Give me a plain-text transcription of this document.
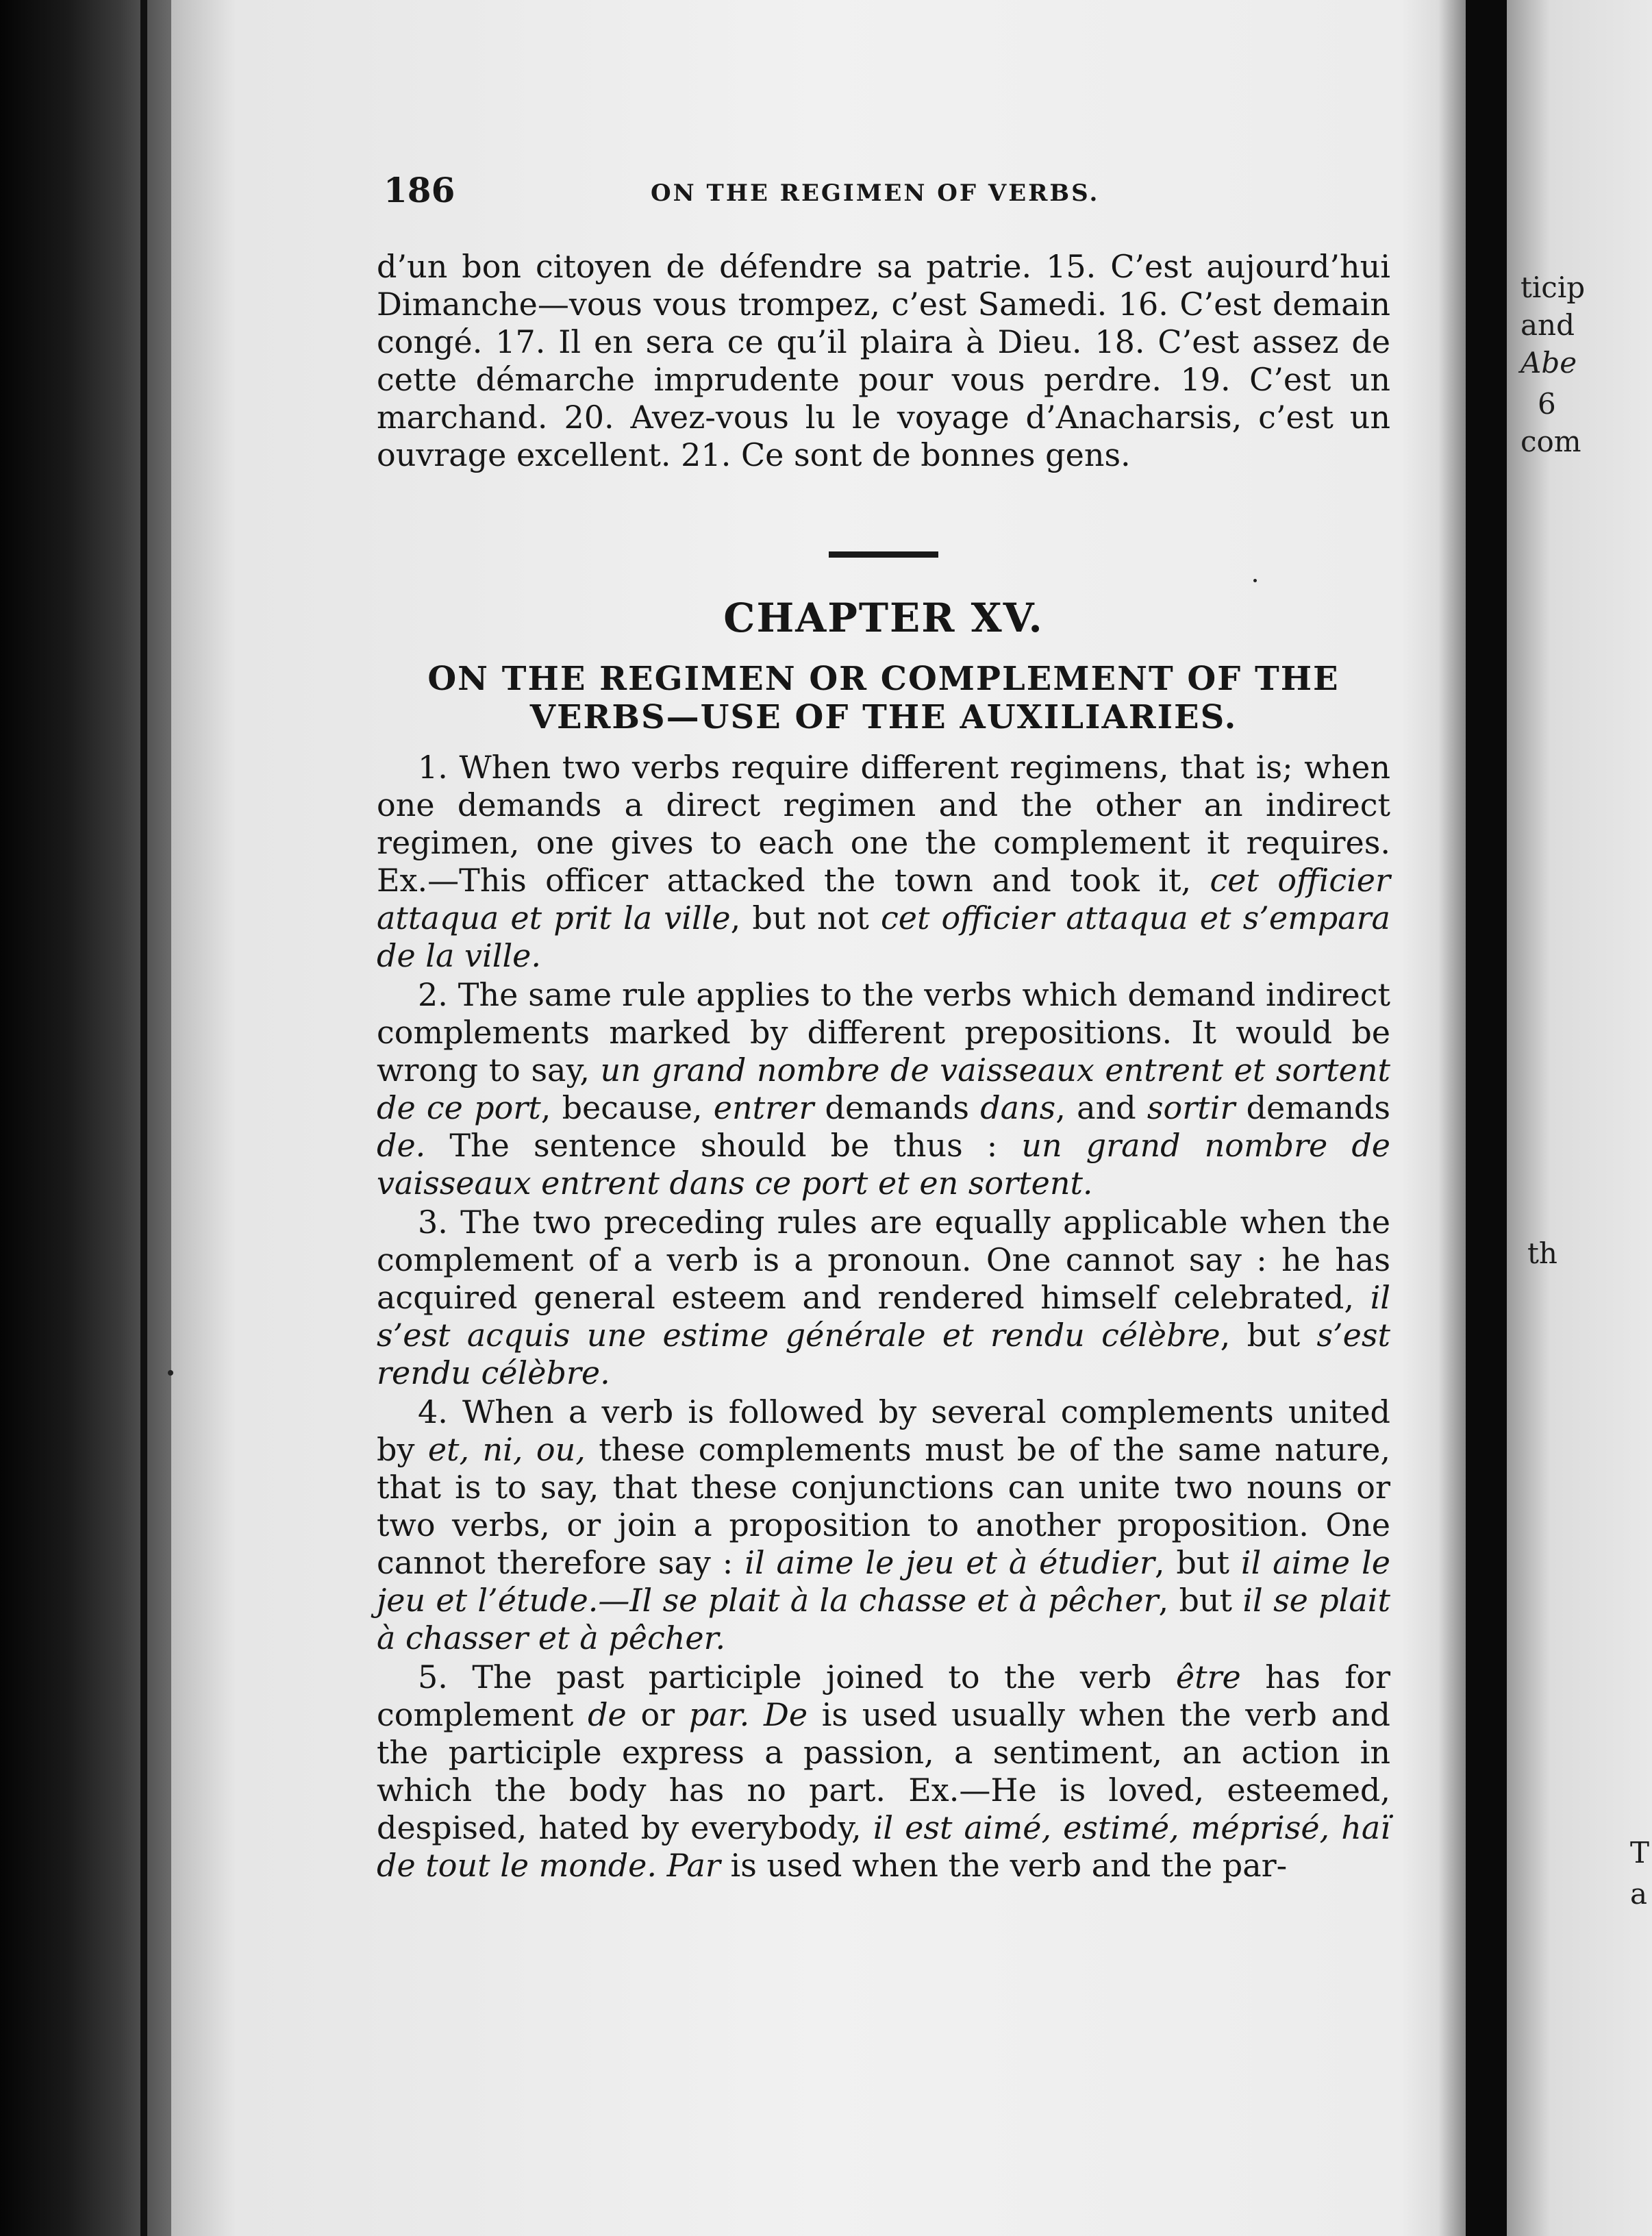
ticip
and
Abe
6
com
th
T
a
186	ON THE REGIMEN OF VERBS.

d’un bon citoyen de défendre sa patrie. 15. C’est aujourd’hui Dimanche—vous vous trompez, c’est Samedi. 16. C’est demain congé. 17. Il en sera ce qu’il plaira à Dieu. 18. C’est assez de cette démarche imprudente pour vous perdre. 19. C’est un marchand. 20. Avez-vous lu le voyage d’Anacharsis, c’est un ouvrage excellent. 21. Ce sont de bonnes gens.

CHAPTER XV.
ON THE REGIMEN OR COMPLEMENT OF THE VERBS—USE OF THE AUXILIARIES.

1. When two verbs require different regimens, that is; when one demands a direct regimen and the other an indirect regimen, one gives to each one the complement it requires. Ex.—This officer attacked the town and took it, cet officier attaqua et prit la ville, but not cet officier attaqua et s’empara de la ville.

2. The same rule applies to the verbs which demand indirect complements marked by different prepositions. It would be wrong to say, un grand nombre de vaisseaux entrent et sortent de ce port, because, entrer demands dans, and sortir demands de. The sentence should be thus : un grand nombre de vaisseaux entrent dans ce port et en sortent.

3. The two preceding rules are equally applicable when the complement of a verb is a pronoun. One cannot say : he has acquired general esteem and rendered himself celebrated, il s’est acquis une estime générale et rendu célèbre, but s’est rendu célèbre.

4. When a verb is followed by several complements united by et, ni, ou, these complements must be of the same nature, that is to say, that these conjunctions can unite two nouns or two verbs, or join a proposition to another proposition. One cannot therefore say : il aime le jeu et à étudier, but il aime le jeu et l’étude.—Il se plait à la chasse et à pêcher, but il se plait à chasser et à pêcher.

5. The past participle joined to the verb être has for complement de or par. De is used usually when the verb and the participle express a passion, a sentiment, an action in which the body has no part. Ex.—He is loved, esteemed, despised, hated by everybody, il est aimé, estimé, méprisé, haï de tout le monde. Par is used when the verb and the par-
